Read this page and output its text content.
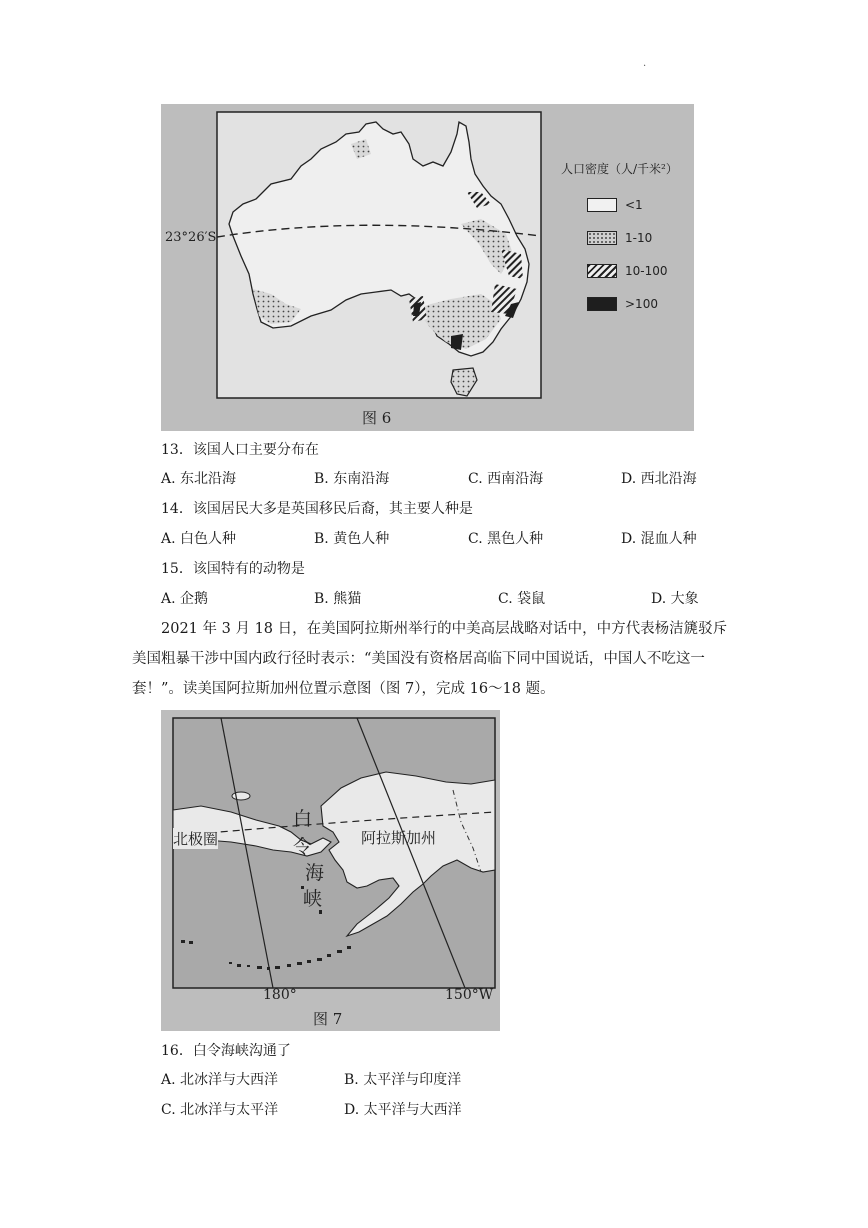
.
23°26′S
人口密度（人/千米²）
<1
1-10
10-100
>100
图 6
13．该国人口主要分布在
A. 东北沿海	B. 东南沿海	C. 西南沿海	D. 西北沿海
14．该国居民大多是英国移民后裔，其主要人种是
A. 白色人种	B. 黄色人种	C. 黑色人种	D. 混血人种
15．该国特有的动物是
A. 企鹅	B. 熊猫	C. 袋鼠	D. 大象
2021 年 3 月 18 日，在美国阿拉斯州举行的中美高层战略对话中，中方代表杨洁篪驳斥
美国粗暴干涉中国内政行径时表示：“美国没有资格居高临下同中国说话，中国人不吃这一
套！”。读美国阿拉斯加州位置示意图（图 7），完成 16～18 题。
北极圈	阿拉斯加州
白
令
海
峡
180°	150°W
图 7
16．白令海峡沟通了
A. 北冰洋与大西洋	B. 太平洋与印度洋
C. 北冰洋与太平洋	D. 太平洋与大西洋
